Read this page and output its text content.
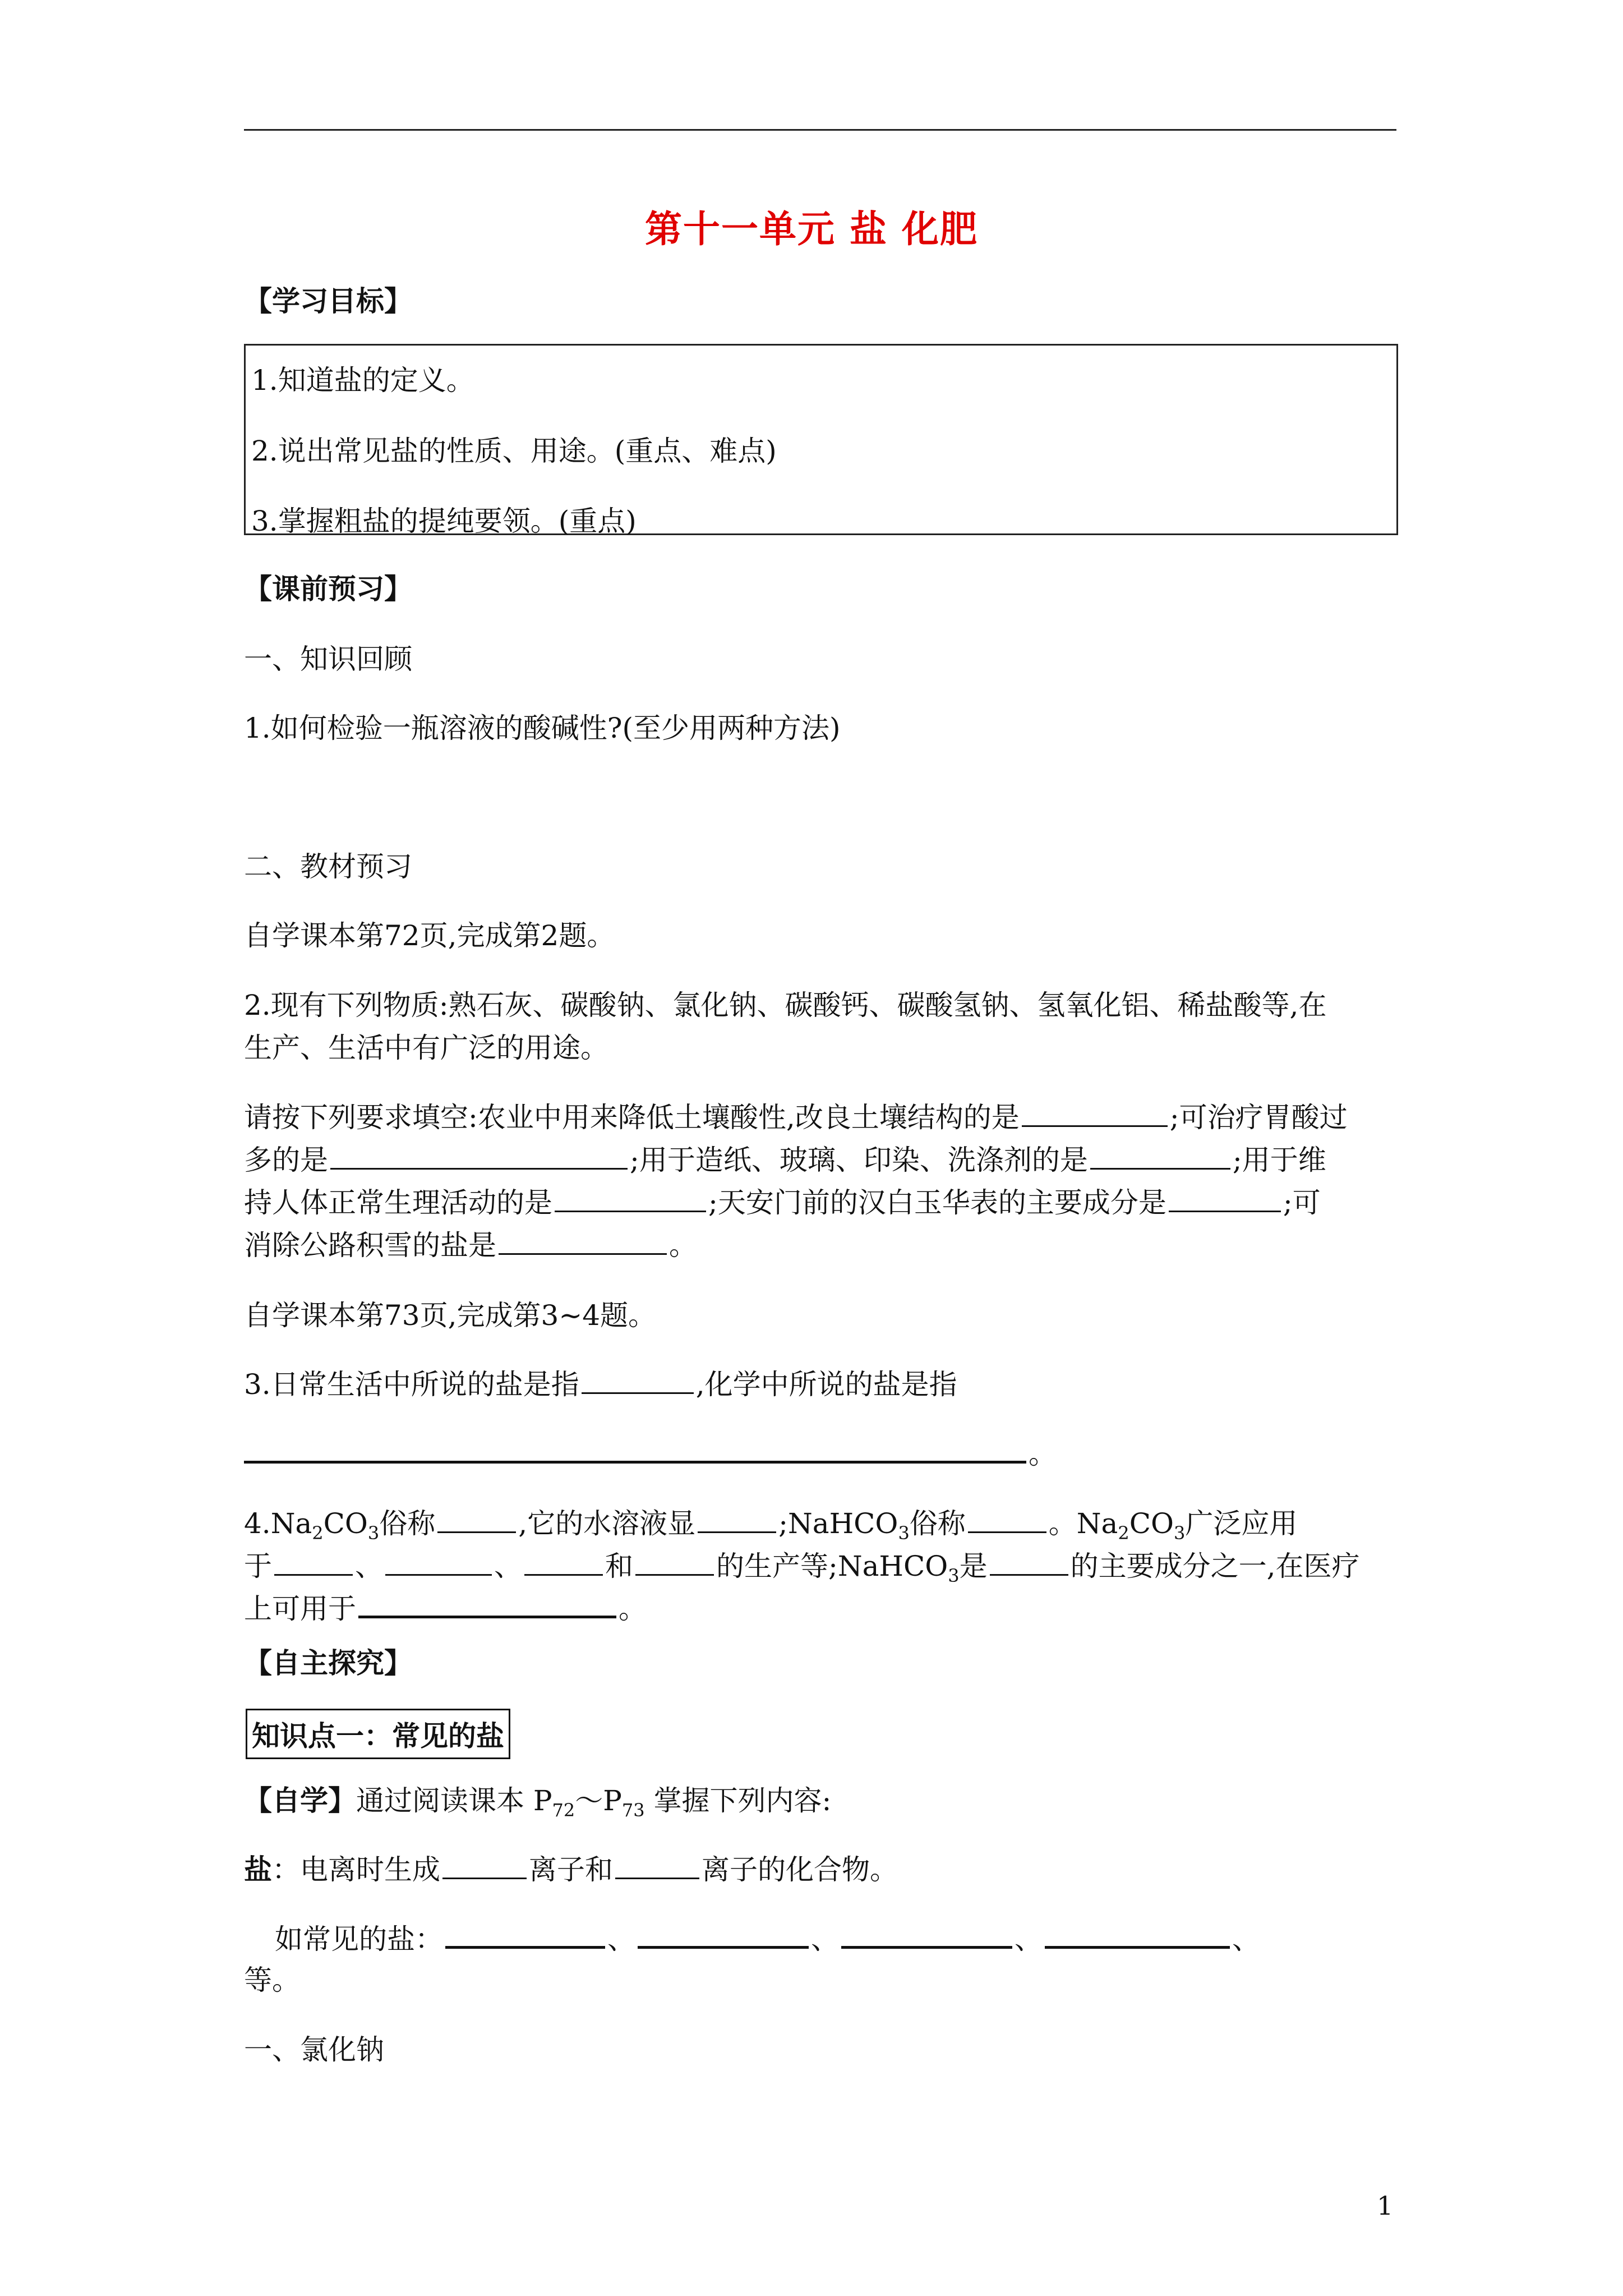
第十一单元 盐 化肥
【学习目标】
1.知道盐的定义。
2.说出常见盐的性质、用途。(重点、难点)
3.掌握粗盐的提纯要领。(重点)
【课前预习】
一、知识回顾
1.如何检验一瓶溶液的酸碱性?(至少用两种方法)
二、教材预习
自学课本第72页,完成第2题。
2.现有下列物质:熟石灰、碳酸钠、氯化钠、碳酸钙、碳酸氢钠、氢氧化铝、稀盐酸等,在
生产、生活中有广泛的用途。
请按下列要求填空:农业中用来降低土壤酸性,改良土壤结构的是	;可治疗胃酸过
多的是	;用于造纸、玻璃、印染、洗涤剂的是	;用于维
持人体正常生理活动的是	;天安门前的汉白玉华表的主要成分是	;可
消除公路积雪的盐是	。
自学课本第73页,完成第3~4题。
3.日常生活中所说的盐是指	,化学中所说的盐是指
。
$4.Na_2CO_3$俗称	,它的水溶液显	;NaHCO$_3$俗称	。$Na_2CO_3$广泛应用
于	、	、	和	的生产等;NaHCO$_3$是	的主要成分之一,在医疗
上可用于	。
【自主探究】
知识点一：常见的盐
【自学】通过阅读课本 $P_{72}\sim P_{73}$ 掌握下列内容:
盐：电离时生成	离子和	离子的化合物。
如常见的盐：	、	、	、	、
等。
一、氯化钠
1
